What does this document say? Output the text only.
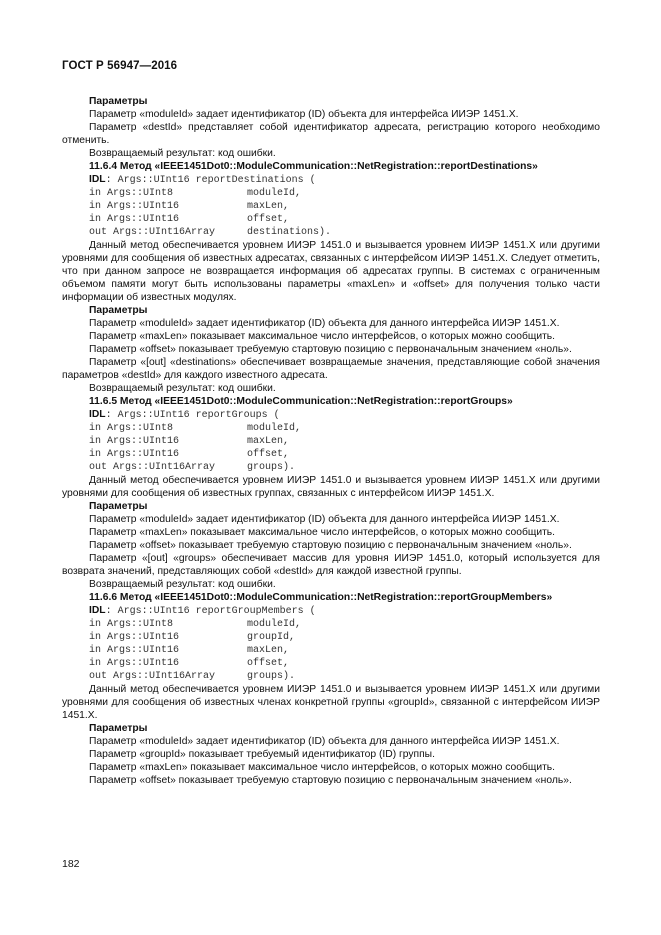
ГОСТ Р 56947—2016

Параметры

Параметр «moduleId» задает идентификатор (ID) объекта для интерфейса ИИЭР 1451.X.

Параметр «destId» представляет собой идентификатор адресата, регистрацию которого необходимо отменить.

Возвращаемый результат: код ошибки.

11.6.4 Метод «IEEE1451Dot0::ModuleCommunication::NetRegistration::reportDestinations»

IDL: Args::UInt16 reportDestinations (

in Args::UInt8	moduleId,

in Args::UInt16	maxLen,

in Args::UInt16	offset,

out Args::UInt16Array	destinations).

Данный метод обеспечивается уровнем ИИЭР 1451.0 и вызывается уровнем ИИЭР 1451.X или другими уровнями для сообщения об известных адресатах, связанных с интерфейсом ИИЭР 1451.X. Следует отметить, что при данном запросе не возвращается информация об адресатах группы. В системах с ограниченным объемом памяти могут быть использованы параметры «maxLen» и «offset» для получения только части информации об известных модулях.

Параметры

Параметр «moduleId» задает идентификатор (ID) объекта для данного интерфейса ИИЭР 1451.X.

Параметр «maxLen» показывает максимальное число интерфейсов, о которых можно сообщить.

Параметр «offset» показывает требуемую стартовую позицию с первоначальным значением «ноль».

Параметр «[out] «destinations» обеспечивает возвращаемые значения, представляющие собой значения параметров «destId» для каждого известного адресата.

Возвращаемый результат: код ошибки.

11.6.5 Метод «IEEE1451Dot0::ModuleCommunication::NetRegistration::reportGroups»

IDL: Args::UInt16 reportGroups (

in Args::UInt8	moduleId,

in Args::UInt16	maxLen,

in Args::UInt16	offset,

out Args::UInt16Array	groups).

Данный метод обеспечивается уровнем ИИЭР 1451.0 и вызывается уровнем ИИЭР 1451.X или другими уровнями для сообщения об известных группах, связанных с интерфейсом ИИЭР 1451.X.

Параметры

Параметр «moduleId» задает идентификатор (ID) объекта для данного интерфейса ИИЭР 1451.X.

Параметр «maxLen» показывает максимальное число интерфейсов, о которых можно сообщить.

Параметр «offset» показывает требуемую стартовую позицию с первоначальным значением «ноль».

Параметр «[out] «groups» обеспечивает массив для уровня ИИЭР 1451.0, который используется для возврата значений, представляющих собой «destId» для каждой известной группы.

Возвращаемый результат: код ошибки.

11.6.6 Метод «IEEE1451Dot0::ModuleCommunication::NetRegistration::reportGroupMembers»

IDL: Args::UInt16 reportGroupMembers (

in Args::UInt8	moduleId,

in Args::UInt16	groupId,

in Args::UInt16	maxLen,

in Args::UInt16	offset,

out Args::UInt16Array	groups).

Данный метод обеспечивается уровнем ИИЭР 1451.0 и вызывается уровнем ИИЭР 1451.X или другими уровнями для сообщения об известных членах конкретной группы «groupId», связанной с интерфейсом ИИЭР 1451.X.

Параметры

Параметр «moduleId» задает идентификатор (ID) объекта для данного интерфейса ИИЭР 1451.X.

Параметр «groupId» показывает требуемый идентификатор (ID) группы.

Параметр «maxLen» показывает максимальное число интерфейсов, о которых можно сообщить.

Параметр «offset» показывает требуемую стартовую позицию с первоначальным значением «ноль».

182
